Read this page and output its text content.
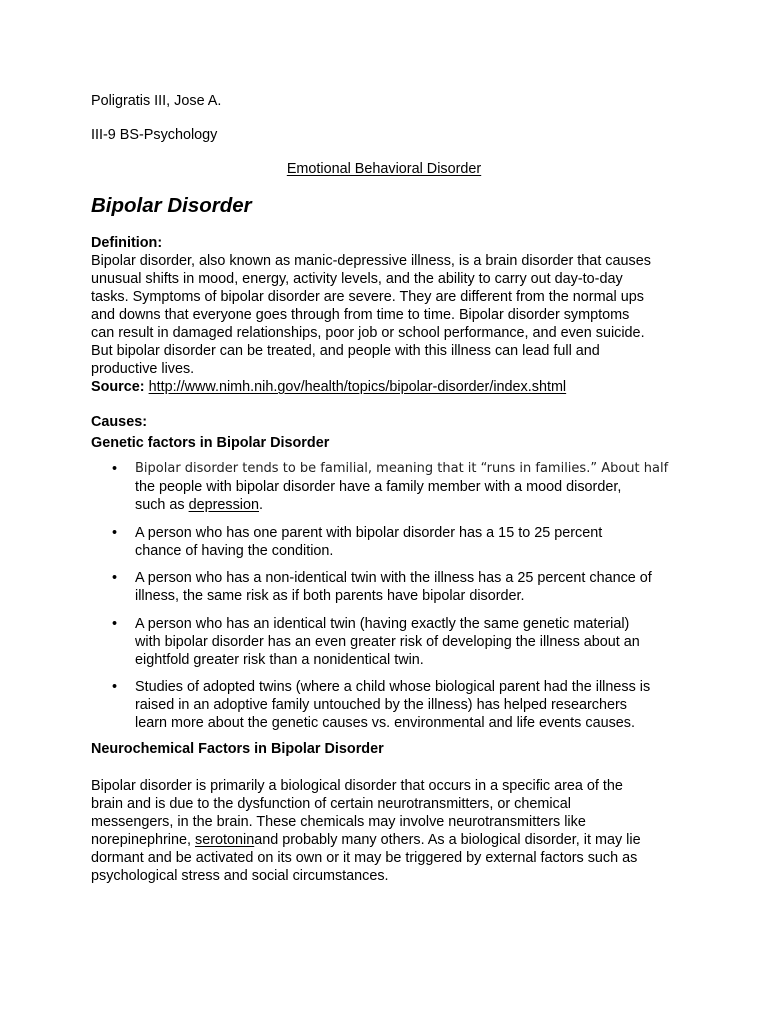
Poligratis III, Jose A.
III-9 BS-Psychology
Emotional Behavioral Disorder
Bipolar Disorder

Definition:

Bipolar disorder, also known as manic-depressive illness, is a brain disorder that causes

unusual shifts in mood, energy, activity levels, and the ability to carry out day-to-day

tasks. Symptoms of bipolar disorder are severe. They are different from the normal ups

and downs that everyone goes through from time to time. Bipolar disorder symptoms

can result in damaged relationships, poor job or school performance, and even suicide.

But bipolar disorder can be treated, and people with this illness can lead full and

productive lives.

Source: http://www.nimh.nih.gov/health/topics/bipolar-disorder/index.shtml

Causes:
Genetic factors in Bipolar Disorder
• Bipolar disorder tends to be familial, meaning that it “runs in families.” About half

the people with bipolar disorder have a family member with a mood disorder,

such as depression.

• A person who has one parent with bipolar disorder has a 15 to 25 percent

chance of having the condition.

• A person who has a non-identical twin with the illness has a 25 percent chance of

illness, the same risk as if both parents have bipolar disorder.

• A person who has an identical twin (having exactly the same genetic material)

with bipolar disorder has an even greater risk of developing the illness about an

eightfold greater risk than a nonidentical twin.

• Studies of adopted twins (where a child whose biological parent had the illness is

raised in an adoptive family untouched by the illness) has helped researchers

learn more about the genetic causes vs. environmental and life events causes.

Neurochemical Factors in Bipolar Disorder

Bipolar disorder is primarily a biological disorder that occurs in a specific area of the

brain and is due to the dysfunction of certain neurotransmitters, or chemical

messengers, in the brain. These chemicals may involve neurotransmitters like

norepinephrine, serotoninand probably many others. As a biological disorder, it may lie

dormant and be activated on its own or it may be triggered by external factors such as

psychological stress and social circumstances.
